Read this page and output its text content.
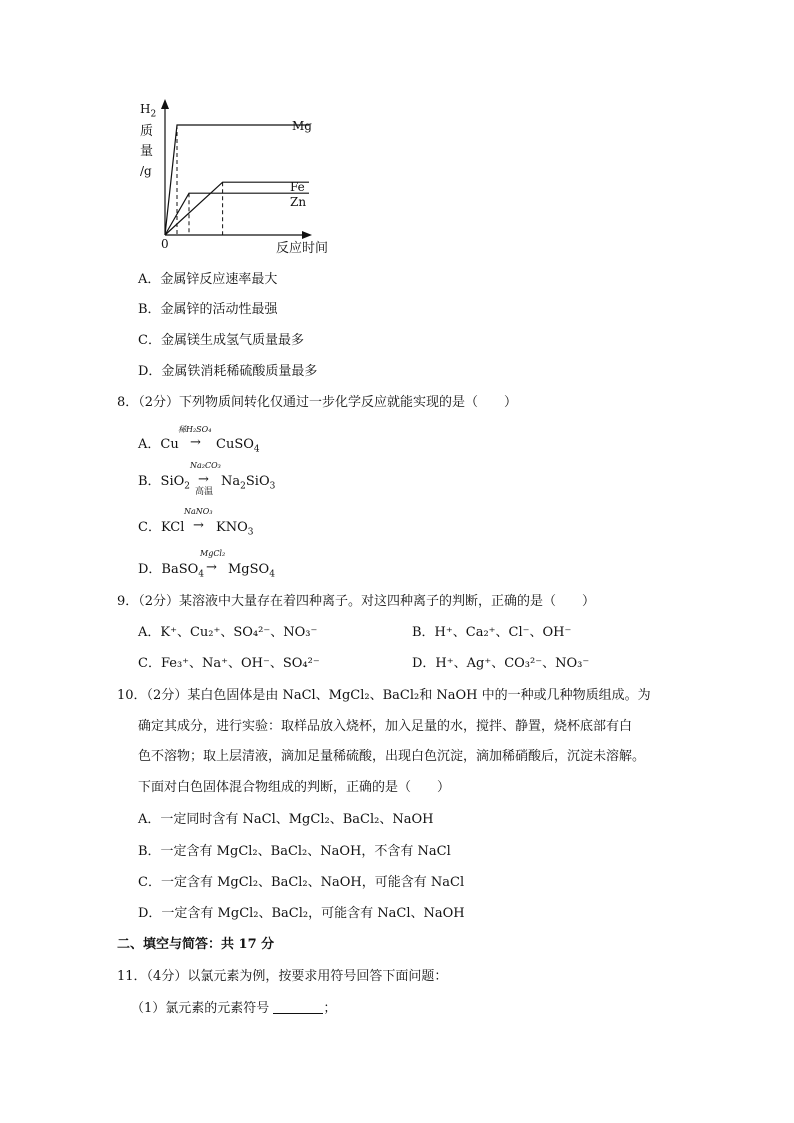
$H_2$
质
量
/g
0	反应时间
Mg
Fe
Zn
A．金属锌反应速率最大
B．金属锌的活动性最强
C．金属镁生成氢气质量最多
D．金属铁消耗稀硫酸质量最多
8．（2分）下列物质间转化仅通过一步化学反应就能实现的是（　　）
稀H₂SO₄
A．Cu → CuSO$_4$
Na₂CO₃
B．SiO$_2$ →
高温
$Na_2SiO_3$
NaNO₃
C．KCl → $KNO_3$
MgCl₂
D．BaSO$_4$ → MgSO$_4$
9．（2分）某溶液中大量存在着四种离子。对这四种离子的判断，正确的是（　　）
A．K⁺、Cu₂⁺、SO₄²⁻、NO₃⁻	B．H⁺、Ca₂⁺、Cl⁻、OH⁻
C．Fe₃⁺、Na⁺、OH⁻、SO₄²⁻	D．H⁺、Ag⁺、CO₃²⁻、NO₃⁻
10．（2分）某白色固体是由 NaCl、MgCl₂、BaCl₂和 NaOH 中的一种或几种物质组成。为
确定其成分，进行实验：取样品放入烧杯，加入足量的水，搅拌、静置，烧杯底部有白
色不溶物；取上层清液，滴加足量稀硫酸，出现白色沉淀，滴加稀硝酸后，沉淀未溶解。
下面对白色固体混合物组成的判断，正确的是（　　）
A．一定同时含有 NaCl、MgCl₂、BaCl₂、NaOH
B．一定含有 MgCl₂、BaCl₂、NaOH，不含有 NaCl
C．一定含有 MgCl₂、BaCl₂、NaOH，可能含有 NaCl
D．一定含有 MgCl₂、BaCl₂，可能含有 NaCl、NaOH
二、填空与简答：共 17 分
11．（4分）以氯元素为例，按要求用符号回答下面问题：
（1）氯元素的元素符号	；
